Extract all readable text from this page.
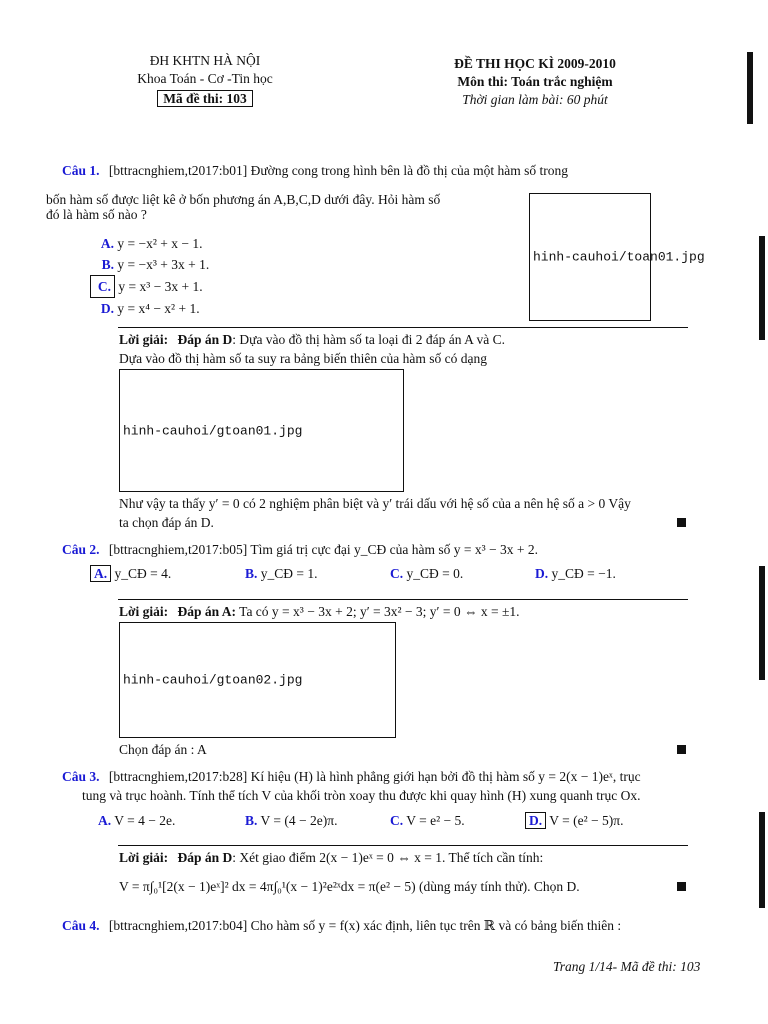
ĐH KHTN HÀ NỘI
Khoa Toán - Cơ -Tin học
Mã đề thi: 103
ĐỀ THI HỌC KÌ 2009-2010
Môn thi: Toán trắc nghiệm
Thời gian làm bài: 60 phút
Câu 1. [bttracnghiem,t2017:b01] Đường cong trong hình bên là đồ thị của một hàm số trong
bốn hàm số được liệt kê ở bốn phương án A,B,C,D dưới đây. Hỏi hàm số
đó là hàm số nào ?
A. y = −x² + x − 1.
B. y = −x³ + 3x + 1.
C. y = x³ − 3x + 1.
D. y = x⁴ − x² + 1.
hinh-cauhoi/toan01.jpg
Lời giải: Đáp án D: Dựa vào đồ thị hàm số ta loại đi 2 đáp án A và C.
Dựa vào đồ thị hàm số ta suy ra bảng biến thiên của hàm số có dạng
hinh-cauhoi/gtoan01.jpg
Như vậy ta thấy y′ = 0 có 2 nghiệm phân biệt và y′ trái dấu với hệ số của a nên hệ số a > 0 Vậy
ta chọn đáp án D.
Câu 2. [bttracnghiem,t2017:b05] Tìm giá trị cực đại y_CĐ của hàm số y = x³ − 3x + 2.
A. y_CĐ = 4.	B. y_CĐ = 1.	C. y_CĐ = 0.	D. y_CĐ = −1.
Lời giải: Đáp án A: Ta có y = x³ − 3x + 2; y′ = 3x² − 3; y′ = 0 ⇔ x = ±1.
hinh-cauhoi/gtoan02.jpg
Chọn đáp án : A
Câu 3. [bttracnghiem,t2017:b28] Kí hiệu (H) là hình phẳng giới hạn bởi đồ thị hàm số y = 2(x − 1)eˣ, trục
tung và trục hoành. Tính thể tích V của khối tròn xoay thu được khi quay hình (H) xung quanh trục Ox.
A. V = 4 − 2e.	B. V = (4 − 2e)π.	C. V = e² − 5.	D. V = (e² − 5)π.
Lời giải: Đáp án D: Xét giao điểm 2(x − 1)eˣ = 0 ⇔ x = 1. Thể tích cần tính:
V = π∫₀¹[2(x − 1)eˣ]² dx = 4π∫₀¹(x − 1)²e²ˣdx = π(e² − 5) (dùng máy tính thử). Chọn D.
Câu 4. [bttracnghiem,t2017:b04] Cho hàm số y = f(x) xác định, liên tục trên ℝ và có bảng biến thiên :
Trang 1/14- Mã đề thi: 103
